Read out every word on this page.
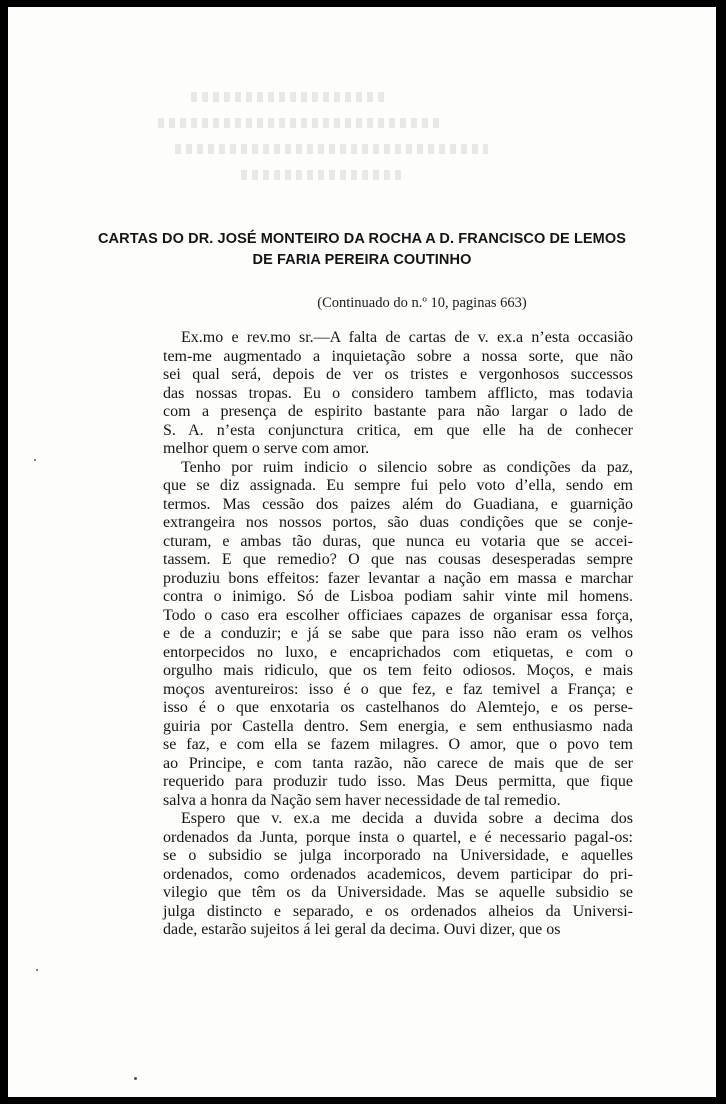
CARTAS DO DR. JOSÉ MONTEIRO DA ROCHA A D. FRANCISCO DE LEMOS
DE FARIA PEREIRA COUTINHO
(Continuado do n.º 10, paginas 663)
Ex.mo e rev.mo sr.—A falta de cartas de v. ex.a n’esta occasião
tem-me augmentado a inquietação sobre a nossa sorte, que não
sei qual será, depois de ver os tristes e vergonhosos successos
das nossas tropas. Eu o considero tambem afflicto, mas todavia
com a presença de espirito bastante para não largar o lado de
S. A. n’esta conjunctura critica, em que elle ha de conhecer
melhor quem o serve com amor.
Tenho por ruim indicio o silencio sobre as condições da paz,
que se diz assignada. Eu sempre fui pelo voto d’ella, sendo em
termos. Mas cessão dos paizes além do Guadiana, e guarnição
extrangeira nos nossos portos, são duas condições que se conje-
cturam, e ambas tão duras, que nunca eu votaria que se accei-
tassem. E que remedio? O que nas cousas desesperadas sempre
produziu bons effeitos: fazer levantar a nação em massa e marchar
contra o inimigo. Só de Lisboa podiam sahir vinte mil homens.
Todo o caso era escolher officiaes capazes de organisar essa força,
e de a conduzir; e já se sabe que para isso não eram os velhos
entorpecidos no luxo, e encaprichados com etiquetas, e com o
orgulho mais ridiculo, que os tem feito odiosos. Moços, e mais
moços aventureiros: isso é o que fez, e faz temivel a França; e
isso é o que enxotaria os castelhanos do Alemtejo, e os perse-
guiria por Castella dentro. Sem energia, e sem enthusiasmo nada
se faz, e com ella se fazem milagres. O amor, que o povo tem
ao Principe, e com tanta razão, não carece de mais que de ser
requerido para produzir tudo isso. Mas Deus permitta, que fique
salva a honra da Nação sem haver necessidade de tal remedio.
Espero que v. ex.a me decida a duvida sobre a decima dos
ordenados da Junta, porque insta o quartel, e é necessario pagal-os:
se o subsidio se julga incorporado na Universidade, e aquelles
ordenados, como ordenados academicos, devem participar do pri-
vilegio que têm os da Universidade. Mas se aquelle subsidio se
julga distincto e separado, e os ordenados alheios da Universi-
dade, estarão sujeitos á lei geral da decima. Ouvi dizer, que os
